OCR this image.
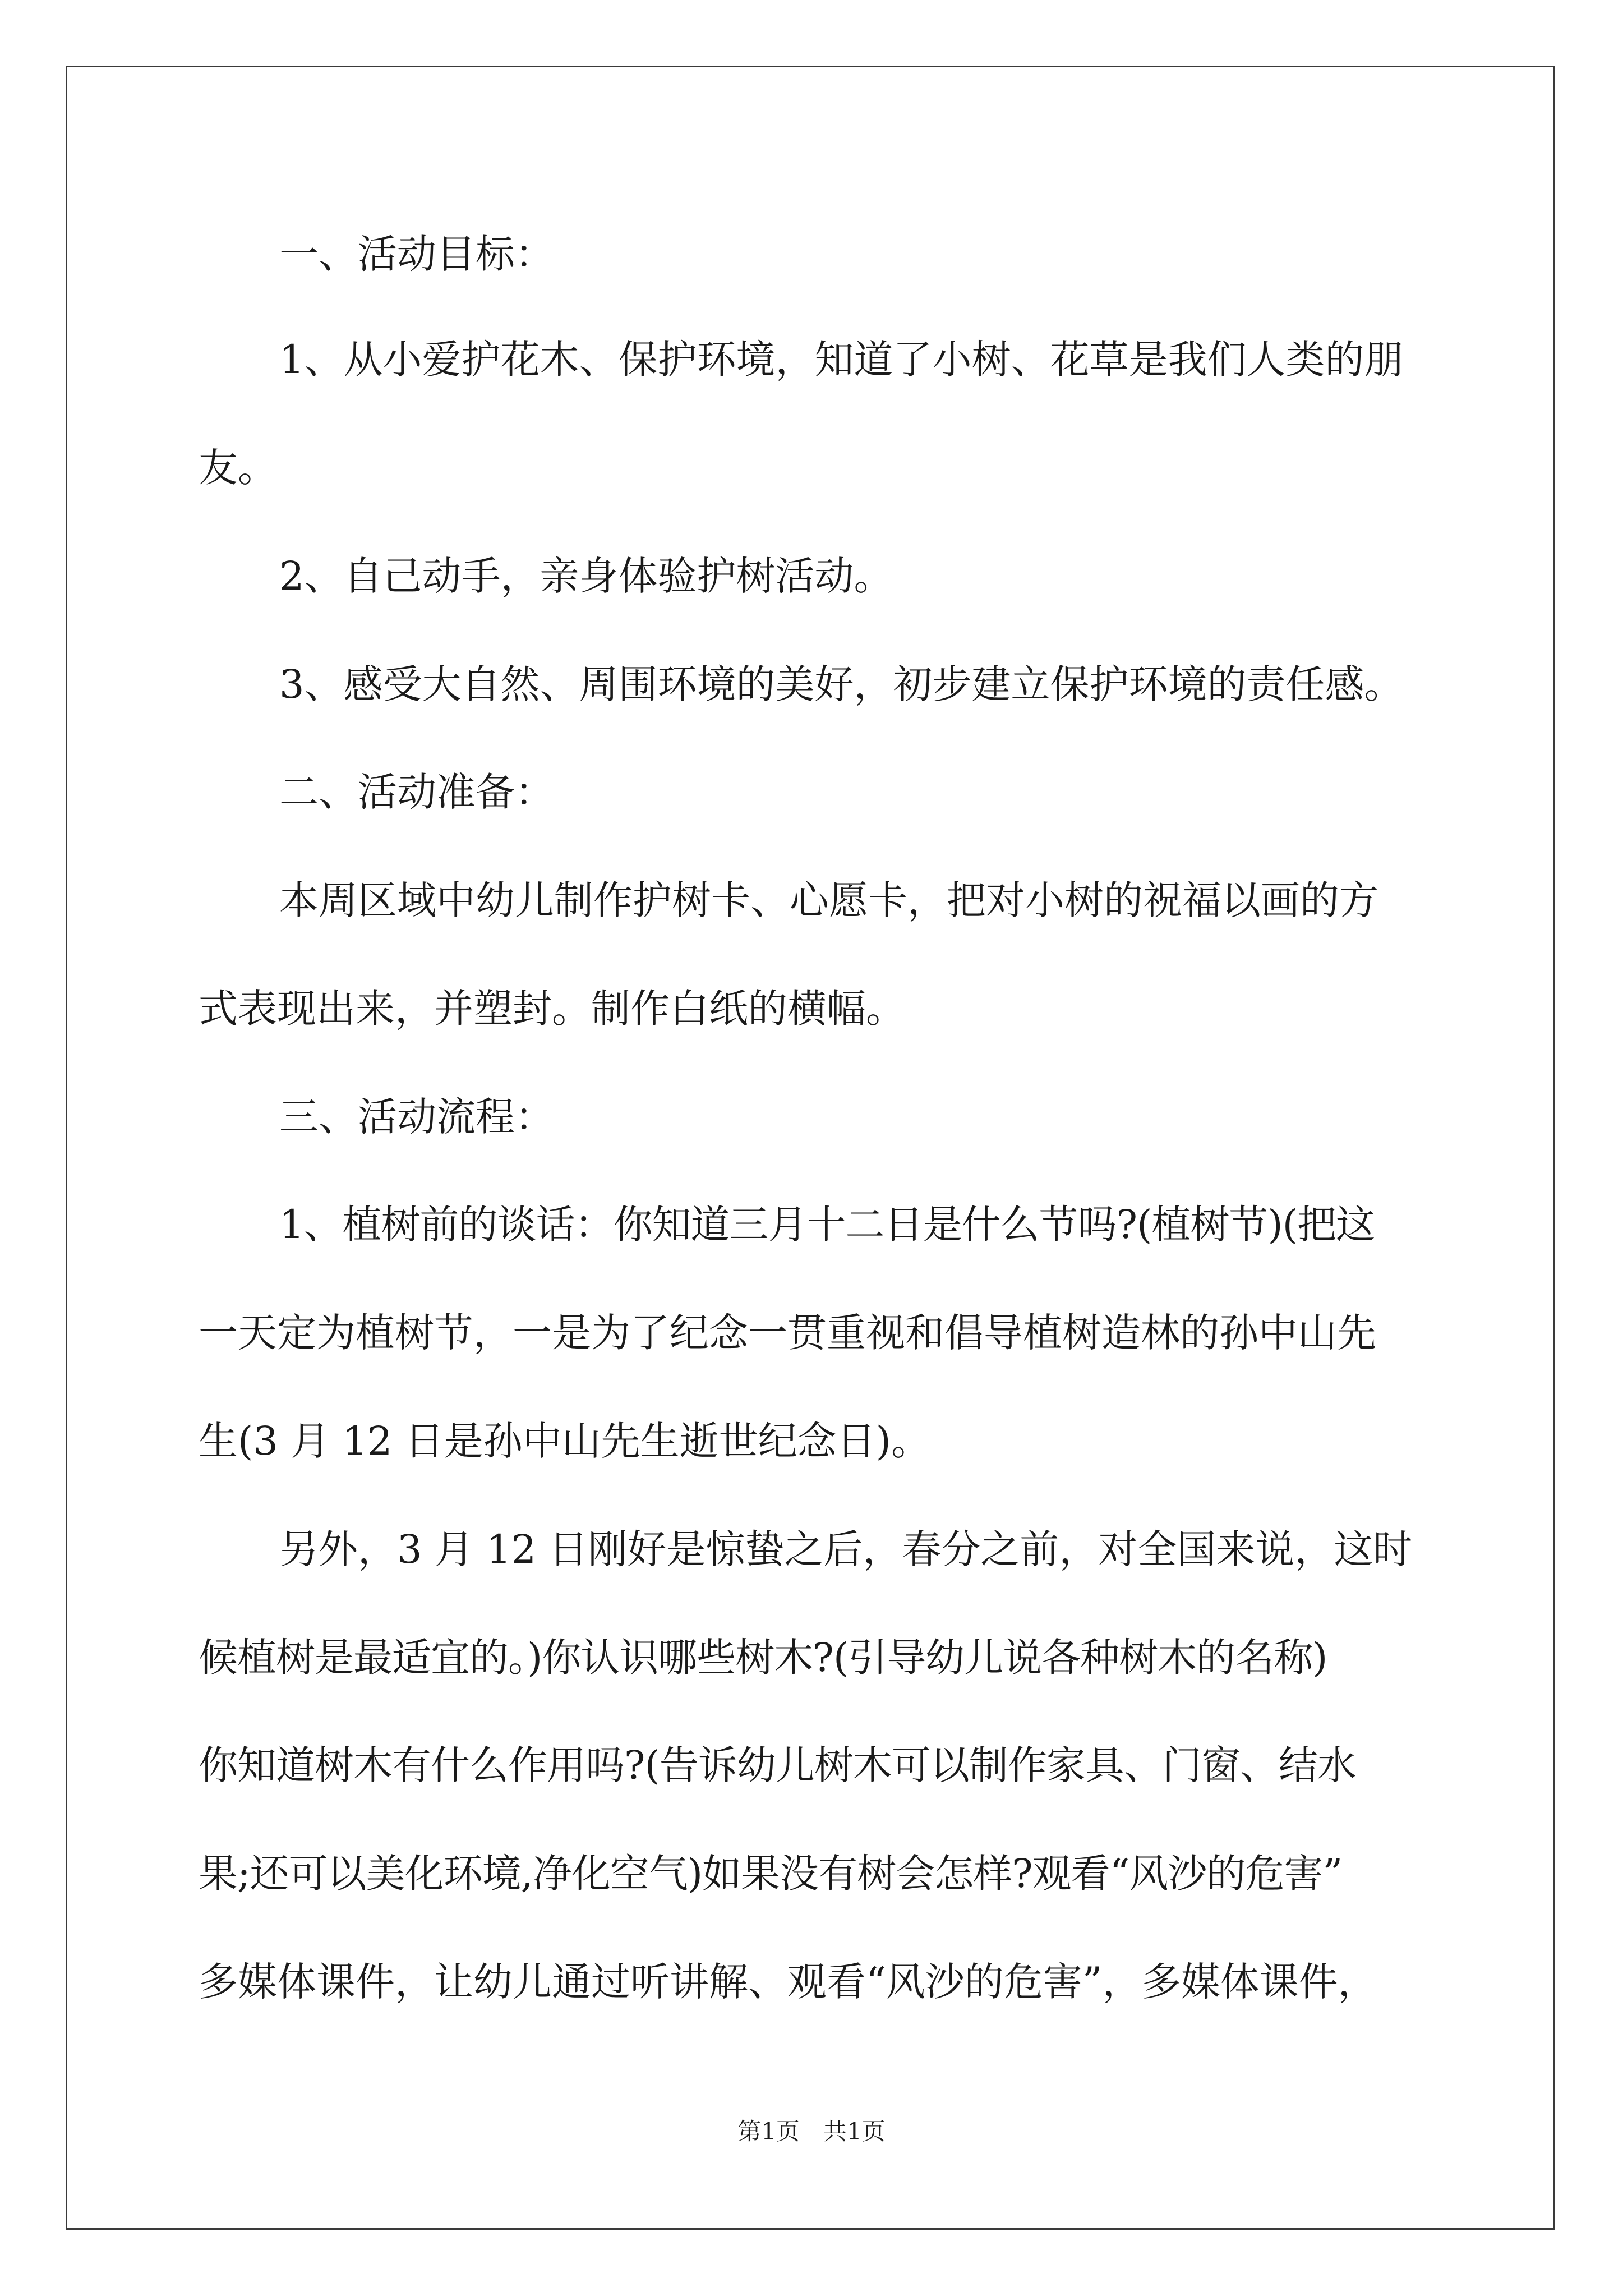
一、活动目标：
1、从小爱护花木、保护环境，知道了小树、花草是我们人类的朋
友。
2、自己动手，亲身体验护树活动。
3、感受大自然、周围环境的美好，初步建立保护环境的责任感。
二、活动准备：
本周区域中幼儿制作护树卡、心愿卡，把对小树的祝福以画的方
式表现出来，并塑封。制作白纸的横幅。
三、活动流程：
1、植树前的谈话：你知道三月十二日是什么节吗?(植树节)(把这
一天定为植树节，一是为了纪念一贯重视和倡导植树造林的孙中山先
生(3 月 12 日是孙中山先生逝世纪念日)。
另外，3 月 12 日刚好是惊蛰之后，春分之前，对全国来说，这时
候植树是最适宜的。)你认识哪些树木?(引导幼儿说各种树木的名称)
你知道树木有什么作用吗?(告诉幼儿树木可以制作家具、门窗、结水
果;还可以美化环境,净化空气)如果没有树会怎样?观看“风沙的危害”
多媒体课件，让幼儿通过听讲解、观看“风沙的危害”，多媒体课件，
第1页　共1页
